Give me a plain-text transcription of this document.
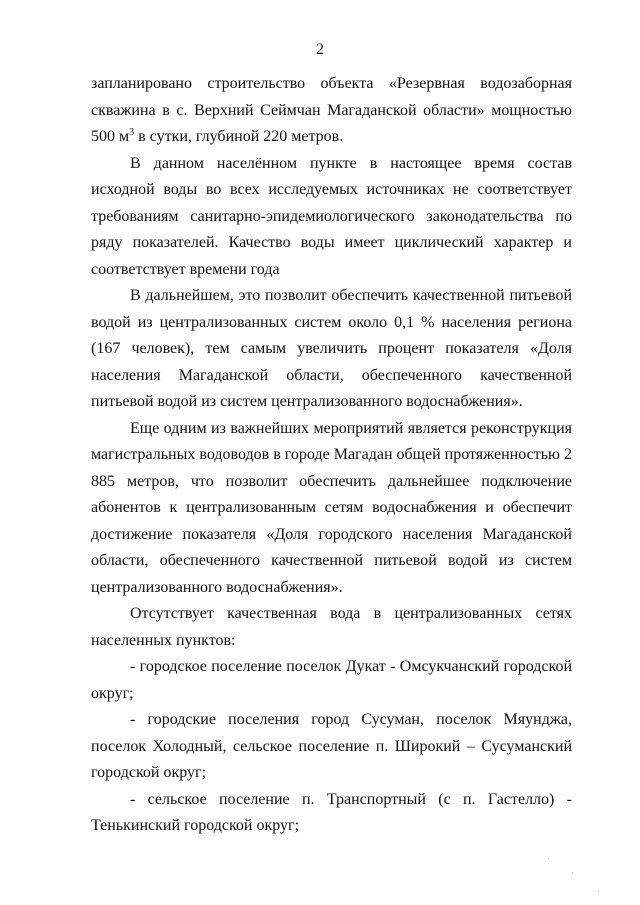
2

запланировано строительство объекта «Резервная водозаборная скважина в с. Верхний Сеймчан Магаданской области» мощностью 500 $м^3$ в сутки, глубиной 220 метров.

В данном населённом пункте в настоящее время состав исходной воды во всех исследуемых источниках не соответствует требованиям санитарно-эпидемиологического законодательства по ряду показателей. Качество воды имеет циклический характер и соответствует времени года

В дальнейшем, это позволит обеспечить качественной питьевой водой из централизованных систем около 0,1 % населения региона (167 человек), тем самым увеличить процент показателя «Доля населения Магаданской области, обеспеченного качественной питьевой водой из систем централизованного водоснабжения».

Еще одним из важнейших мероприятий является реконструкция магистральных водоводов в городе Магадан общей протяженностью 2 885 метров, что позволит обеспечить дальнейшее подключение абонентов к централизованным сетям водоснабжения и обеспечит достижение показателя «Доля городского населения Магаданской области, обеспеченного качественной питьевой водой из систем централизованного водоснабжения».

Отсутствует качественная вода в централизованных сетях населенных пунктов:

- городское поселение поселок Дукат - Омсукчанский городской округ;

- городские поселения город Сусуман, поселок Мяунджа, поселок Холодный, сельское поселение п. Широкий – Сусуманский городской округ;

- сельское поселение п. Транспортный (с п. Гастелло) - Тенькинский городской округ;
